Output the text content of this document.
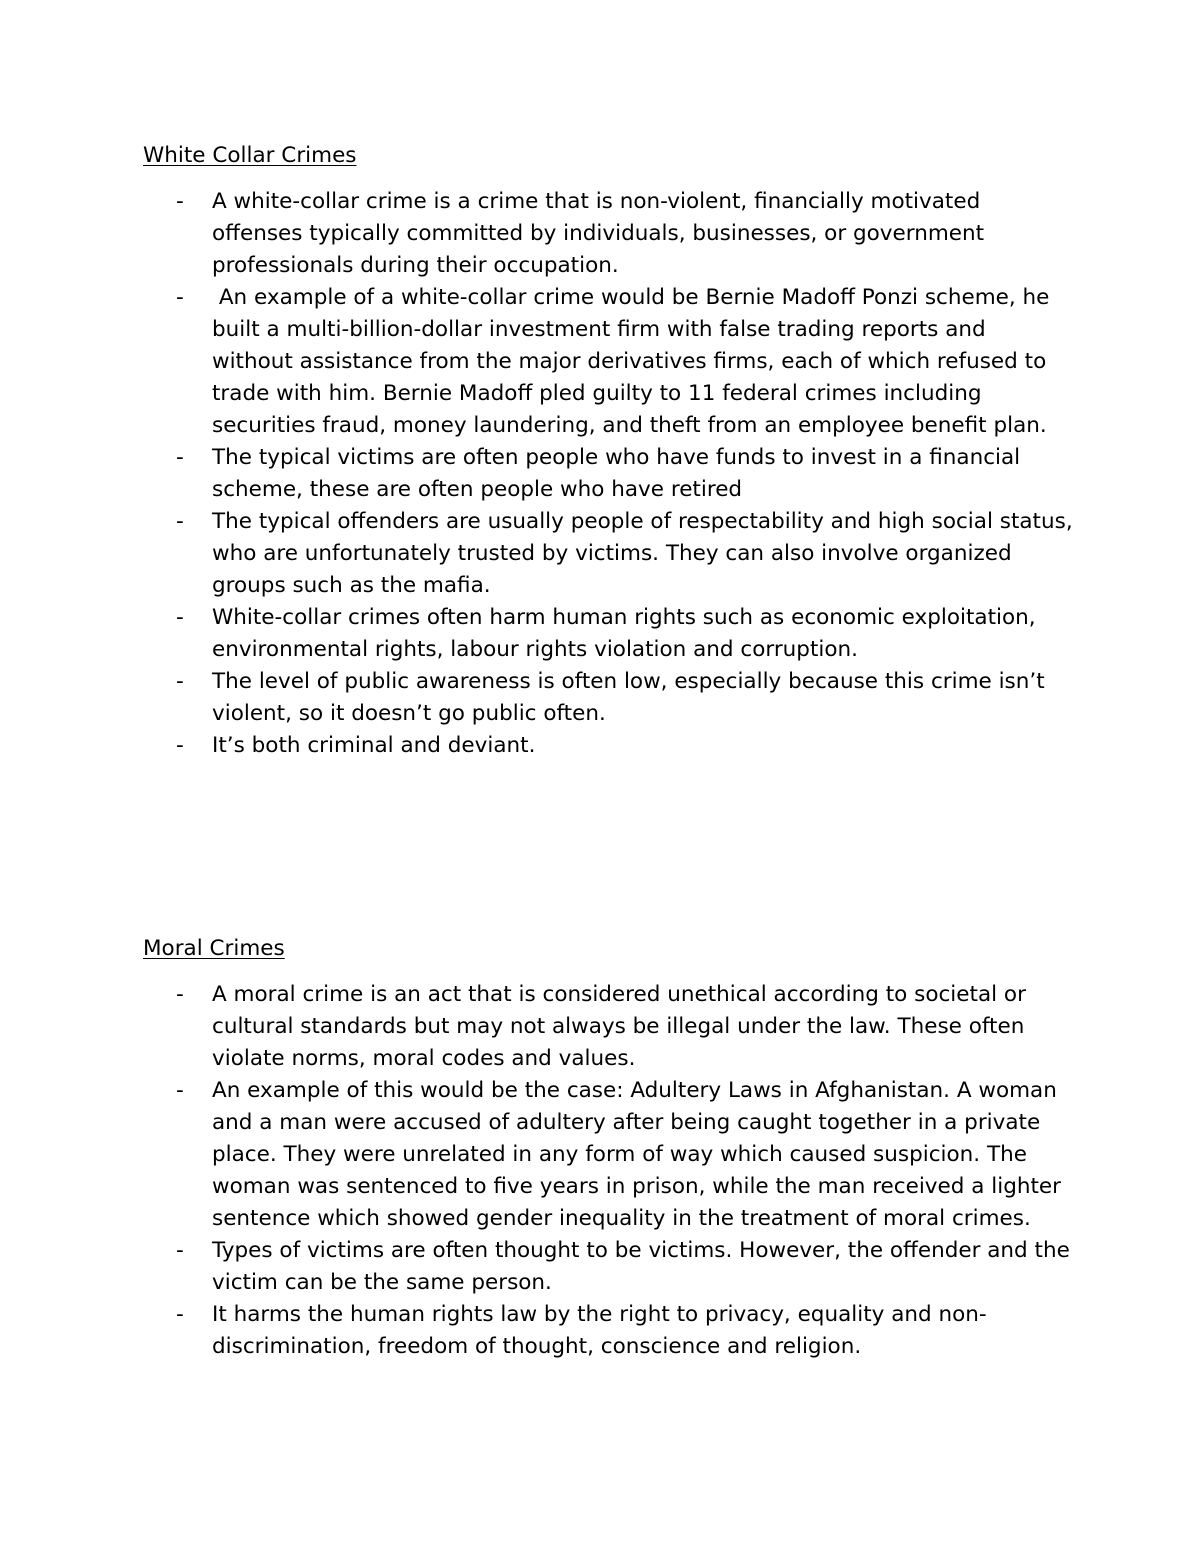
White Collar Crimes
- A white-collar crime is a crime that is non-violent, financially motivated offenses typically committed by individuals, businesses, or government professionals during their occupation.
- An example of a white-collar crime would be Bernie Madoff Ponzi scheme, he built a multi-billion-dollar investment firm with false trading reports and without assistance from the major derivatives firms, each of which refused to trade with him. Bernie Madoff pled guilty to 11 federal crimes including securities fraud, money laundering, and theft from an employee benefit plan.
- The typical victims are often people who have funds to invest in a financial scheme, these are often people who have retired
- The typical offenders are usually people of respectability and high social status, who are unfortunately trusted by victims. They can also involve organized groups such as the mafia.
- White-collar crimes often harm human rights such as economic exploitation, environmental rights, labour rights violation and corruption.
- The level of public awareness is often low, especially because this crime isn’t violent, so it doesn’t go public often.
- It’s both criminal and deviant.
Moral Crimes
- A moral crime is an act that is considered unethical according to societal or cultural standards but may not always be illegal under the law. These often violate norms, moral codes and values.
- An example of this would be the case: Adultery Laws in Afghanistan. A woman and a man were accused of adultery after being caught together in a private place. They were unrelated in any form of way which caused suspicion. The woman was sentenced to five years in prison, while the man received a lighter sentence which showed gender inequality in the treatment of moral crimes.
- Types of victims are often thought to be victims. However, the offender and the victim can be the same person.
- It harms the human rights law by the right to privacy, equality and non-discrimination, freedom of thought, conscience and religion.
